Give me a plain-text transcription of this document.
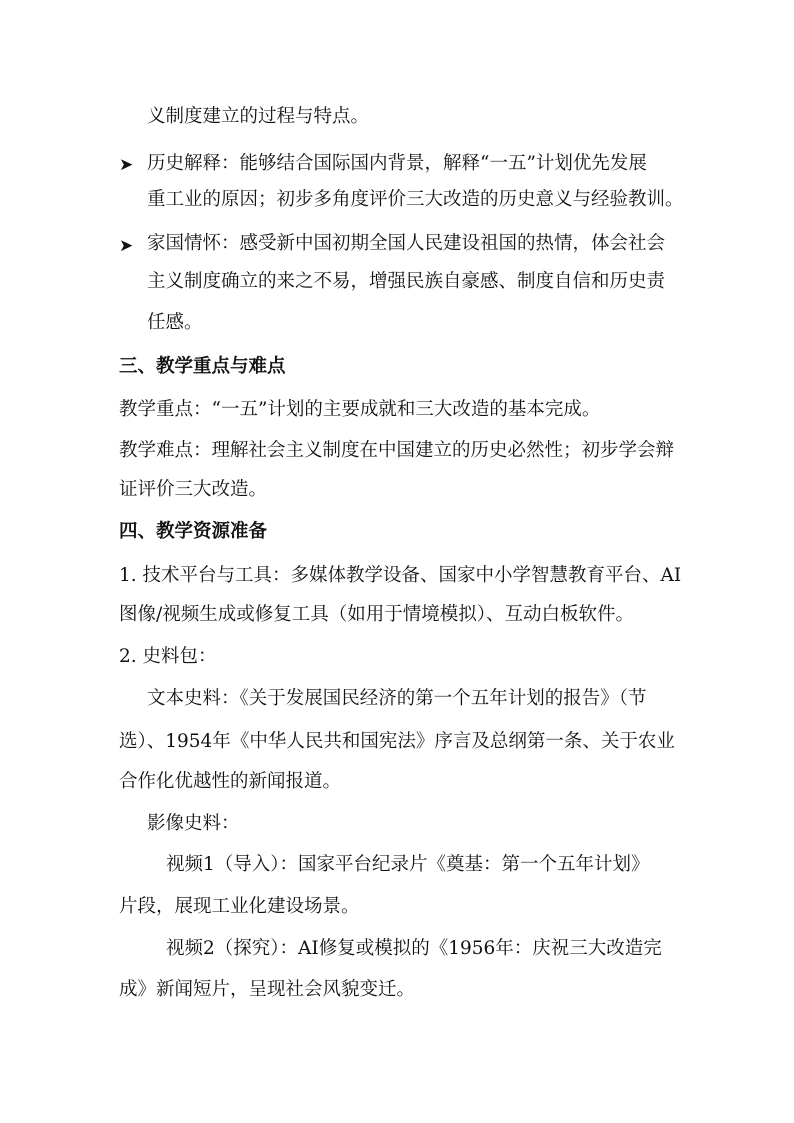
义制度建立的过程与特点。
➤ 历史解释：能够结合国际国内背景，解释“一五”计划优先发展
重工业的原因；初步多角度评价三大改造的历史意义与经验教训。
➤ 家国情怀：感受新中国初期全国人民建设祖国的热情，体会社会
主义制度确立的来之不易，增强民族自豪感、制度自信和历史责
任感。
三、教学重点与难点
教学重点：“一五”计划的主要成就和三大改造的基本完成。
教学难点：理解社会主义制度在中国建立的历史必然性；初步学会辩
证评价三大改造。
四、教学资源准备
1. 技术平台与工具：多媒体教学设备、国家中小学智慧教育平台、AI
图像/视频生成或修复工具（如用于情境模拟）、互动白板软件。
2. 史料包：
文本史料：《关于发展国民经济的第一个五年计划的报告》（节
选）、1954年《中华人民共和国宪法》序言及总纲第一条、关于农业
合作化优越性的新闻报道。
影像史料：
视频1（导入）：国家平台纪录片《奠基：第一个五年计划》
片段，展现工业化建设场景。
视频2（探究）：AI修复或模拟的《1956年：庆祝三大改造完
成》新闻短片，呈现社会风貌变迁。
